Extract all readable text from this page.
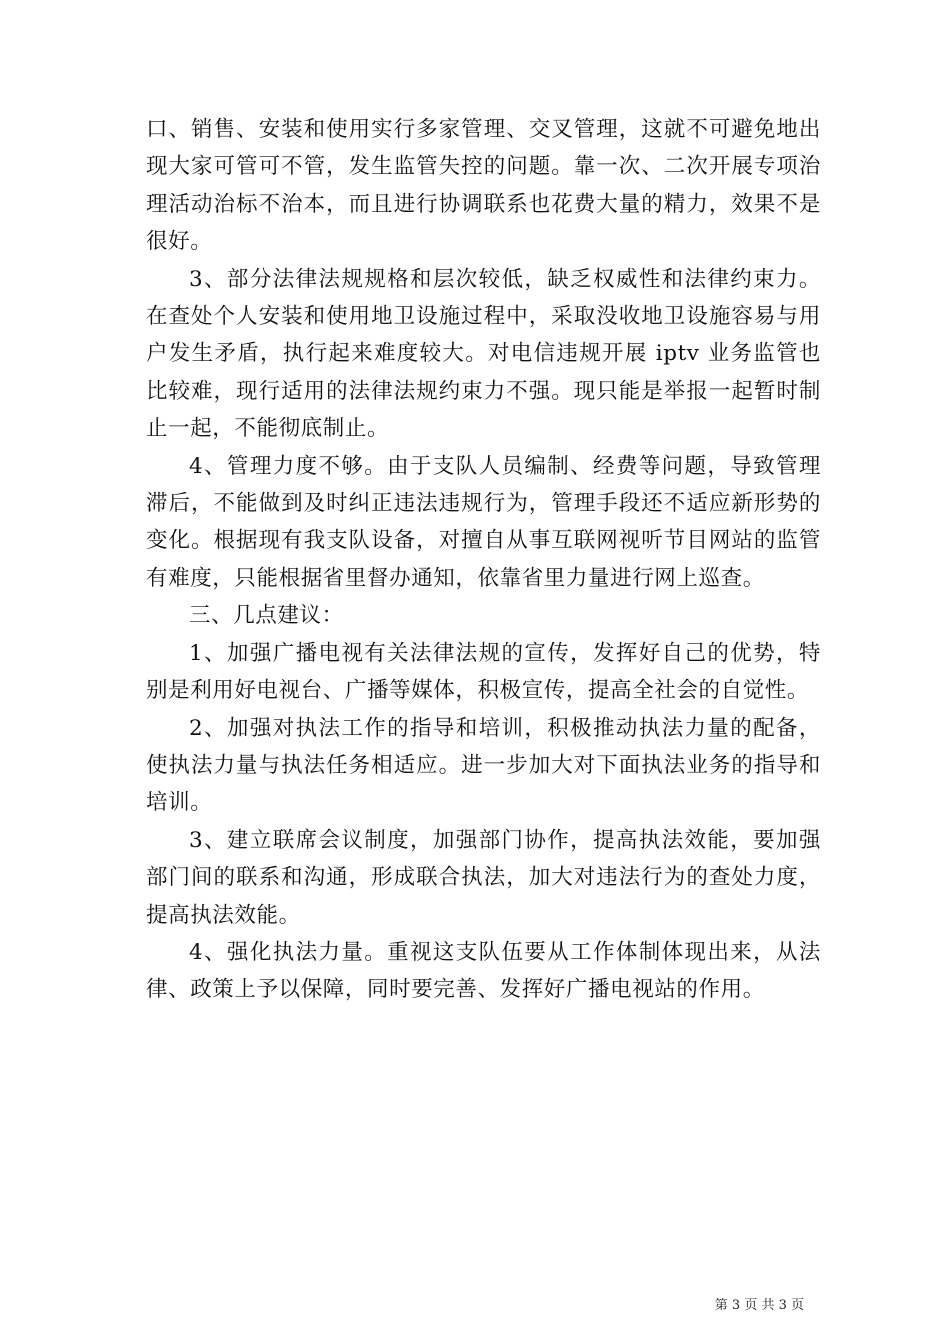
口、销售、安装和使用实行多家管理、交叉管理，这就不可避免地出现大家可管可不管，发生监管失控的问题。靠一次、二次开展专项治理活动治标不治本，而且进行协调联系也花费大量的精力，效果不是很好。

3、部分法律法规规格和层次较低，缺乏权威性和法律约束力。在查处个人安装和使用地卫设施过程中，采取没收地卫设施容易与用户发生矛盾，执行起来难度较大。对电信违规开展 iptv 业务监管也比较难，现行适用的法律法规约束力不强。现只能是举报一起暂时制止一起，不能彻底制止。

4、管理力度不够。由于支队人员编制、经费等问题，导致管理滞后，不能做到及时纠正违法违规行为，管理手段还不适应新形势的变化。根据现有我支队设备，对擅自从事互联网视听节目网站的监管有难度，只能根据省里督办通知，依靠省里力量进行网上巡查。

三、几点建议：

1、加强广播电视有关法律法规的宣传，发挥好自己的优势，特别是利用好电视台、广播等媒体，积极宣传，提高全社会的自觉性。

2、加强对执法工作的指导和培训，积极推动执法力量的配备，使执法力量与执法任务相适应。进一步加大对下面执法业务的指导和培训。

3、建立联席会议制度，加强部门协作，提高执法效能，要加强部门间的联系和沟通，形成联合执法，加大对违法行为的查处力度，提高执法效能。

4、强化执法力量。重视这支队伍要从工作体制体现出来，从法律、政策上予以保障，同时要完善、发挥好广播电视站的作用。

第 3 页 共 3 页
